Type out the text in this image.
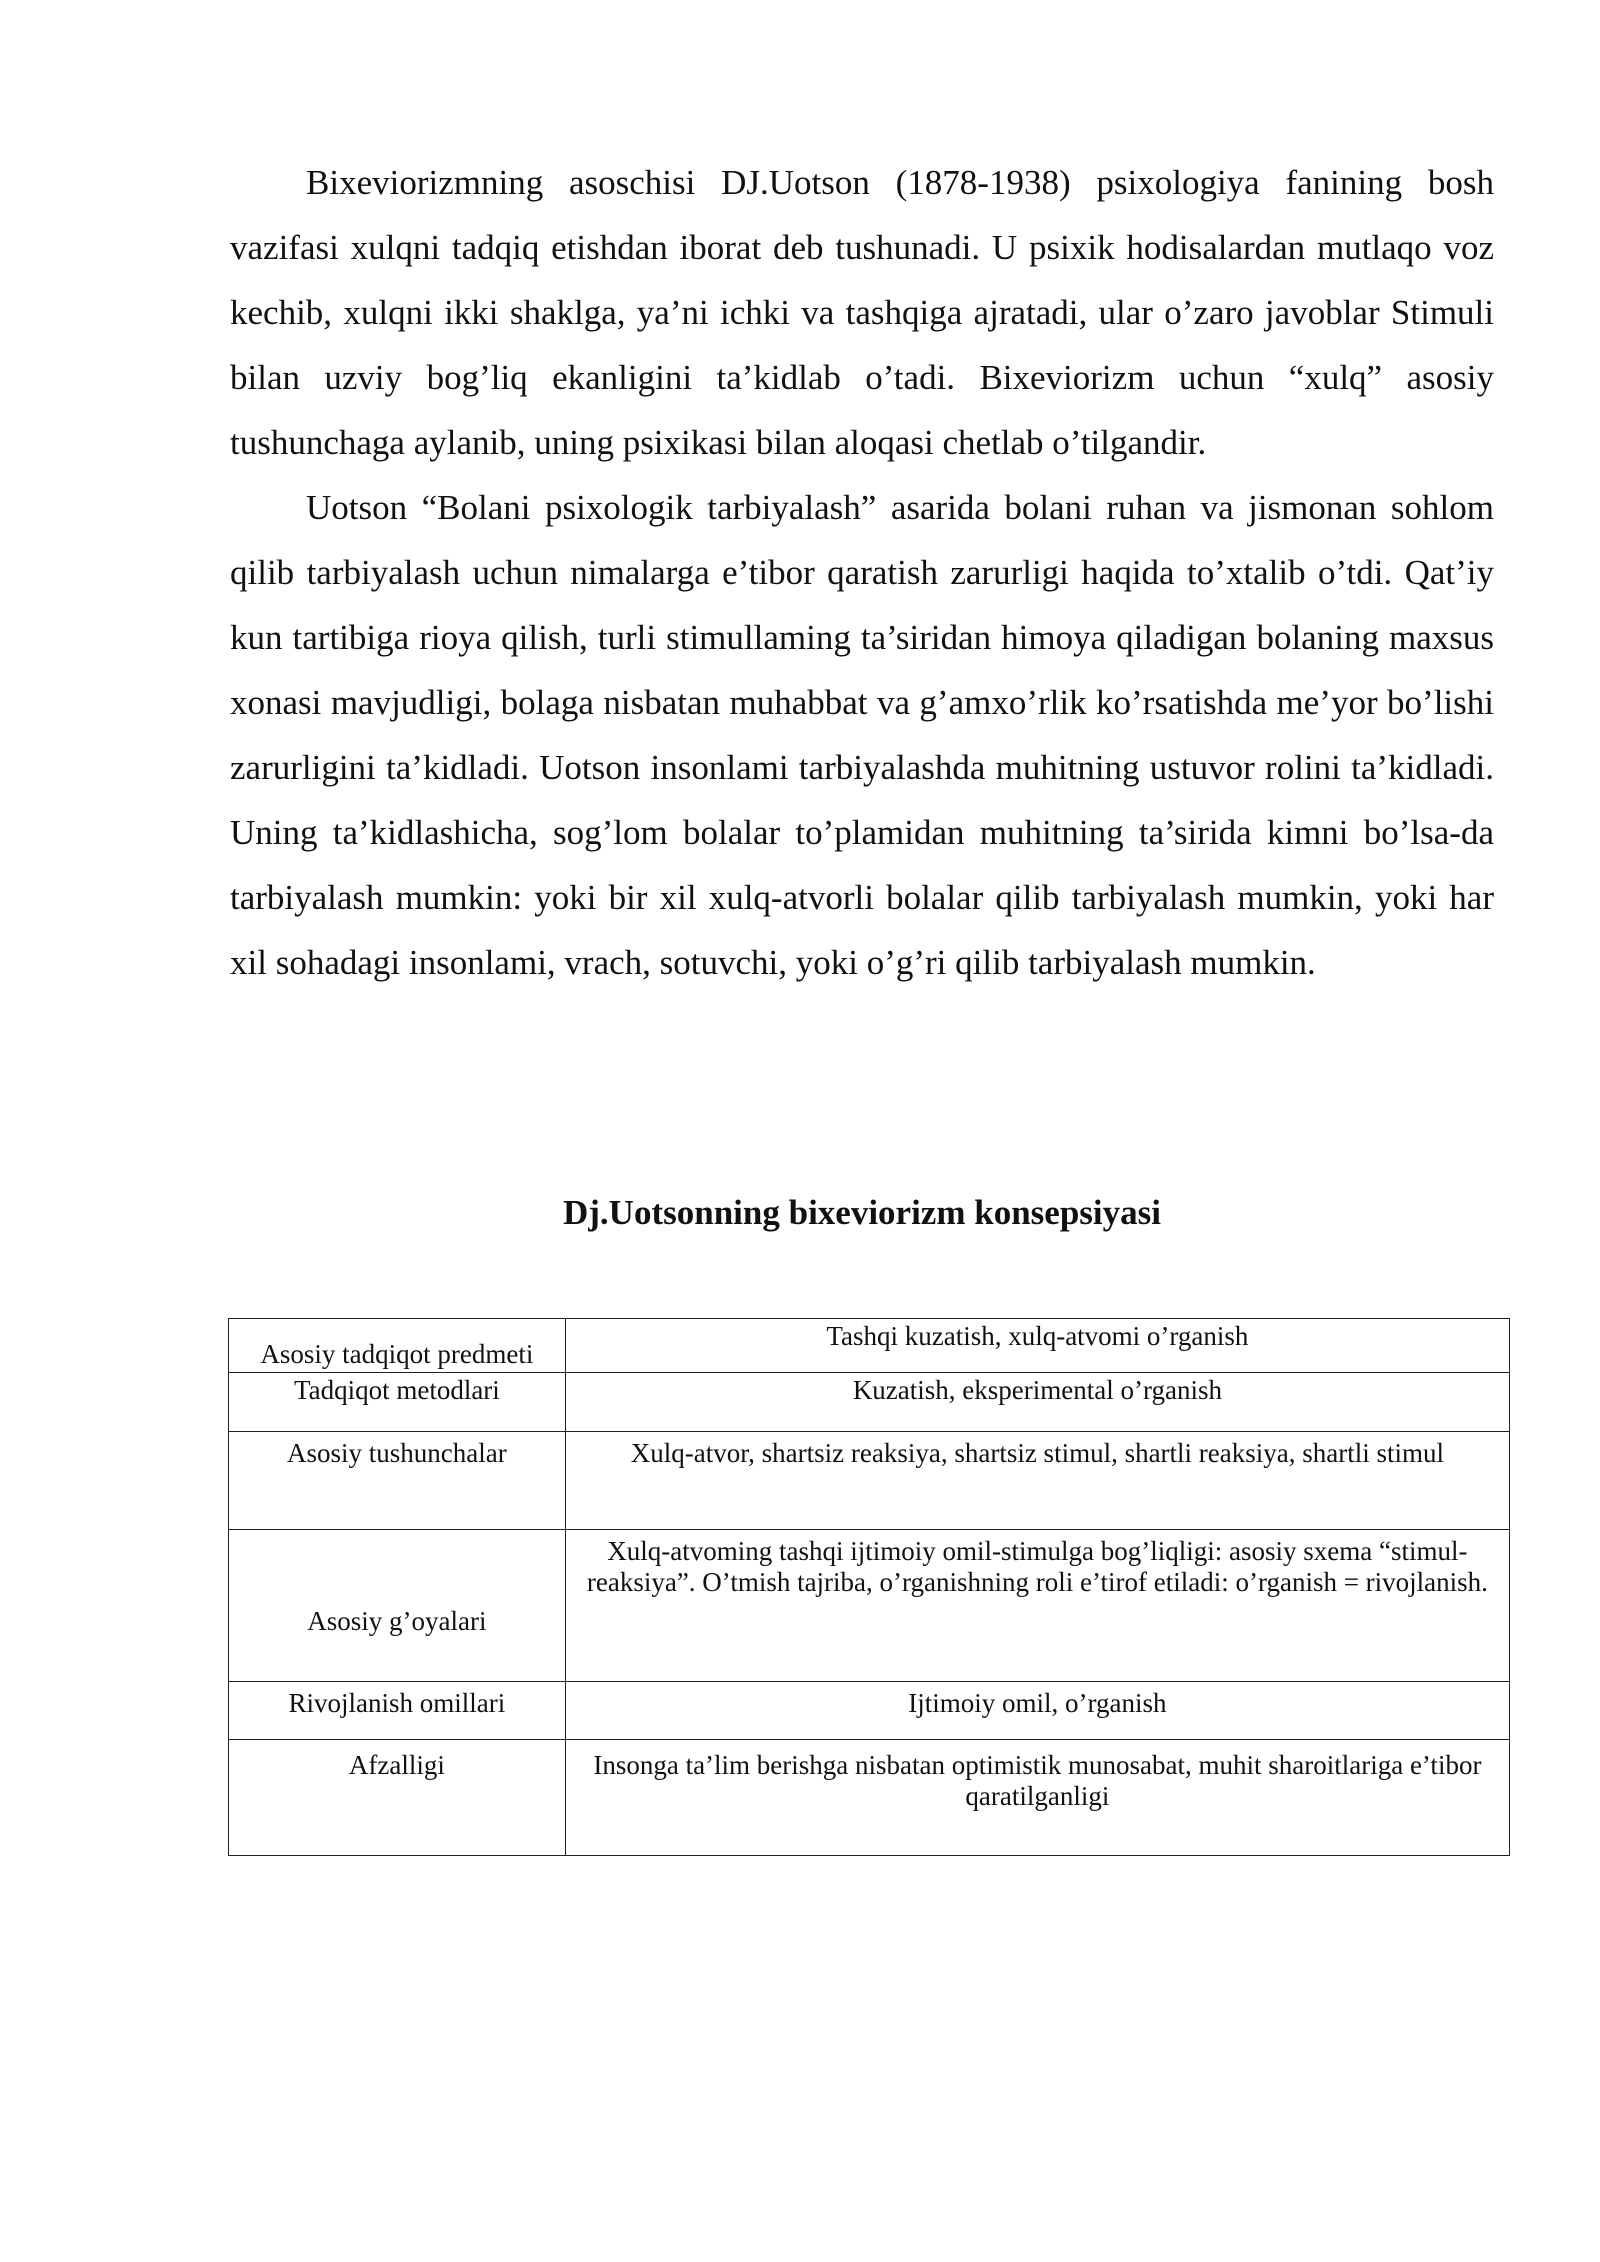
Bixeviorizmning asoschisi DJ.Uotson (1878-1938) psixologiya fanining bosh vazifasi xulqni tadqiq etishdan iborat deb tushunadi. U psixik hodisalardan mutlaqo voz kechib, xulqni ikki shaklga, ya’ni ichki va tashqiga ajratadi, ular o’zaro javoblar Stimuli bilan uzviy bog’liq ekanligini ta’kidlab o’tadi. Bixeviorizm uchun “xulq” asosiy tushunchaga aylanib, uning psixikasi bilan aloqasi chetlab o’tilgandir.

Uotson “Bolani psixologik tarbiyalash” asarida bolani ruhan va jismonan sohlom qilib tarbiyalash uchun nimalarga e’tibor qaratish zarurligi haqida to’xtalib o’tdi. Qat’iy kun tartibiga rioya qilish, turli stimullaming ta’siridan himoya qiladigan bolaning maxsus xonasi mavjudligi, bolaga nisbatan muhabbat va g’amxo’rlik ko’rsatishda me’yor bo’lishi zarurligini ta’kidladi. Uotson insonlami tarbiyalashda muhitning ustuvor rolini ta’kidladi. Uning ta’kidlashicha, sog’lom bolalar to’plamidan muhitning ta’sirida kimni bo’lsa-da tarbiyalash mumkin: yoki bir xil xulq-atvorli bolalar qilib tarbiyalash mumkin, yoki har xil sohadagi insonlami, vrach, sotuvchi, yoki o’g’ri qilib tarbiyalash mumkin.

Dj.Uotsonning bixeviorizm konsepsiyasi
Asosiy tadqiqot predmeti	Tashqi kuzatish, xulq-atvomi o’rganish
Tadqiqot metodlari	Kuzatish, eksperimental o’rganish
Asosiy tushunchalar	Xulq-atvor, shartsiz reaksiya, shartsiz stimul, shartli reaksiya, shartli stimul
Asosiy g’oyalari	Xulq-atvoming tashqi ijtimoiy omil-stimulga bog’liqligi: asosiy sxema “stimul-reaksiya”. O’tmish tajriba, o’rganishning roli e’tirof etiladi: o’rganish = rivojlanish.
Rivojlanish omillari	Ijtimoiy omil, o’rganish
Afzalligi	Insonga ta’lim berishga nisbatan optimistik munosabat, muhit sharoitlariga e’tibor qaratilganligi
